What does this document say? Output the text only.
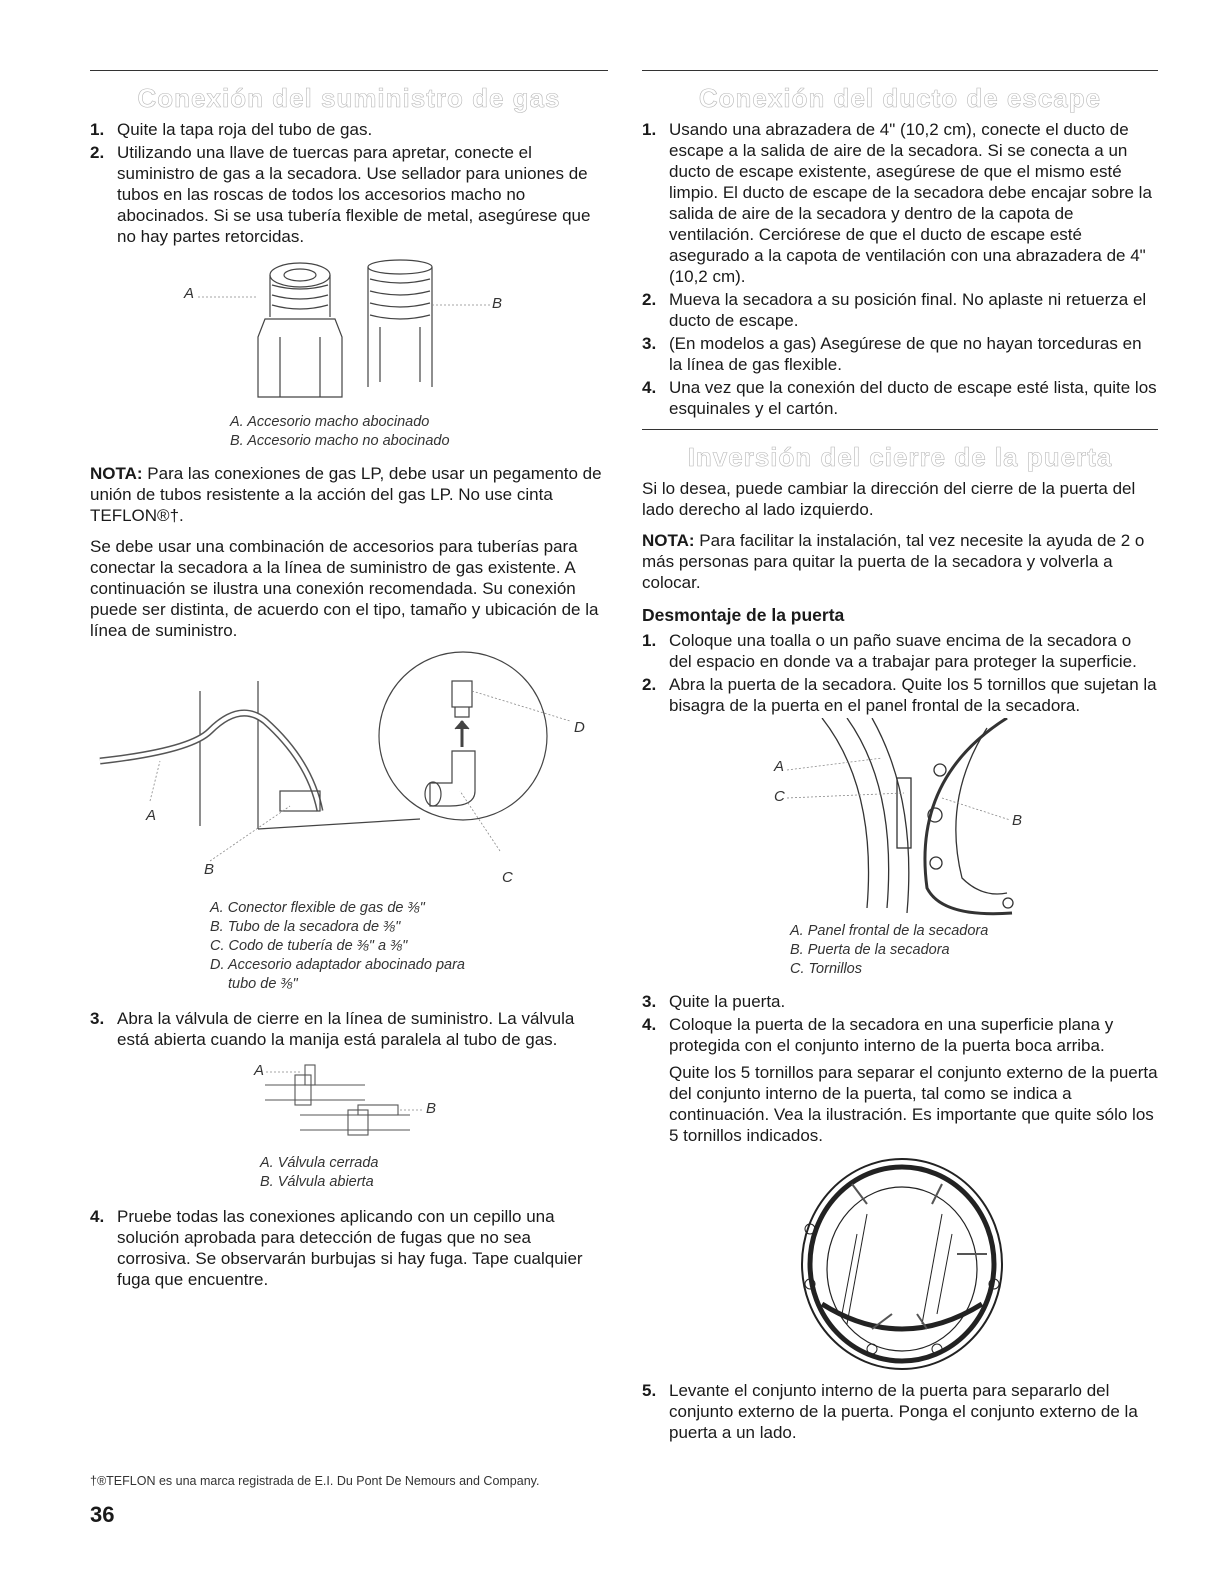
Conexión del suministro de gas
1. Quite la tapa roja del tubo de gas.
2. Utilizando una llave de tuercas para apretar, conecte el suministro de gas a la secadora. Use sellador para uniones de tubos en las roscas de todos los accesorios macho no abocinados. Si se usa tubería flexible de metal, asegúrese que no hay partes retorcidas.
A
B
A. Accesorio macho abocinado
B. Accesorio macho no abocinado

NOTA: Para las conexiones de gas LP, debe usar un pegamento de unión de tubos resistente a la acción del gas LP. No use cinta TEFLON®†.

Se debe usar una combinación de accesorios para tuberías para conectar la secadora a la línea de suministro de gas existente. A continuación se ilustra una conexión recomendada. Su conexión puede ser distinta, de acuerdo con el tipo, tamaño y ubicación de la línea de suministro.

A
B	C
D
A. Conector flexible de gas de ⅜"
B. Tubo de la secadora de ⅜"
C. Codo de tubería de ⅜" a ⅜"
D. Accesorio adaptador abocinado para
tubo de ⅜"
3. Abra la válvula de cierre en la línea de suministro. La válvula está abierta cuando la manija está paralela al tubo de gas.
A
B
A. Válvula cerrada
B. Válvula abierta
4. Pruebe todas las conexiones aplicando con un cepillo una solución aprobada para detección de fugas que no sea corrosiva. Se observarán burbujas si hay fuga. Tape cualquier fuga que encuentre.
Conexión del ducto de escape
1. Usando una abrazadera de 4" (10,2 cm), conecte el ducto de escape a la salida de aire de la secadora. Si se conecta a un ducto de escape existente, asegúrese de que el mismo esté limpio. El ducto de escape de la secadora debe encajar sobre la salida de aire de la secadora y dentro de la capota de ventilación. Cerciórese de que el ducto de escape esté asegurado a la capota de ventilación con una abrazadera de 4" (10,2 cm).
2. Mueva la secadora a su posición final. No aplaste ni retuerza el ducto de escape.
3. (En modelos a gas) Asegúrese de que no hayan torceduras en la línea de gas flexible.
4. Una vez que la conexión del ducto de escape esté lista, quite los esquinales y el cartón.
Inversión del cierre de la puerta

Si lo desea, puede cambiar la dirección del cierre de la puerta del lado derecho al lado izquierdo.

NOTA: Para facilitar la instalación, tal vez necesite la ayuda de 2 o más personas para quitar la puerta de la secadora y volverla a colocar.

Desmontaje de la puerta
1. Coloque una toalla o un paño suave encima de la secadora o del espacio en donde va a trabajar para proteger la superficie.
2. Abra la puerta de la secadora. Quite los 5 tornillos que sujetan la bisagra de la puerta en el panel frontal de la secadora.
A
C
B
A. Panel frontal de la secadora
B. Puerta de la secadora
C. Tornillos
3. Quite la puerta.
4. Coloque la puerta de la secadora en una superficie plana y protegida con el conjunto interno de la puerta boca arriba.
Quite los 5 tornillos para separar el conjunto externo de la puerta del conjunto interno de la puerta, tal como se indica a continuación. Vea la ilustración. Es importante que quite sólo los 5 tornillos indicados.
5. Levante el conjunto interno de la puerta para separarlo del conjunto externo de la puerta. Ponga el conjunto externo de la puerta a un lado.
†®TEFLON es una marca registrada de E.I. Du Pont De Nemours and Company.
36
